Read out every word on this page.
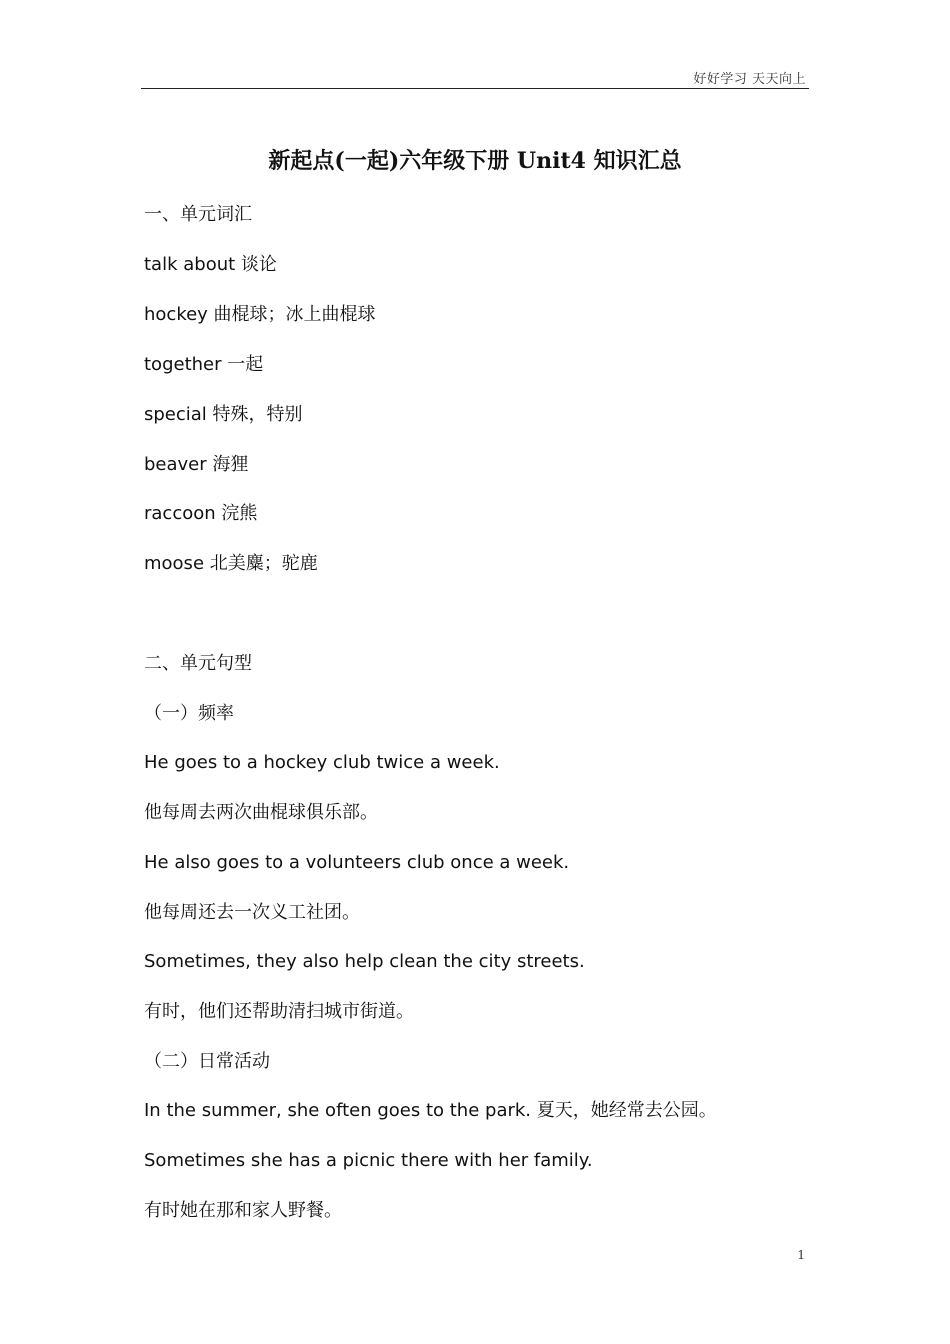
好好学习 天天向上
新起点(一起)六年级下册 Unit4 知识汇总
一、单元词汇
talk about 谈论
hockey 曲棍球；冰上曲棍球
together 一起
special 特殊，特别
beaver 海狸
raccoon 浣熊
moose 北美麋；驼鹿
二、单元句型
（一）频率
He goes to a hockey club twice a week.
他每周去两次曲棍球俱乐部。
He also goes to a volunteers club once a week.
他每周还去一次义工社团。
Sometimes, they also help clean the city streets.
有时，他们还帮助清扫城市街道。
（二）日常活动
In the summer, she often goes to the park. 夏天，她经常去公园。
Sometimes she has a picnic there with her family.
有时她在那和家人野餐。
1
